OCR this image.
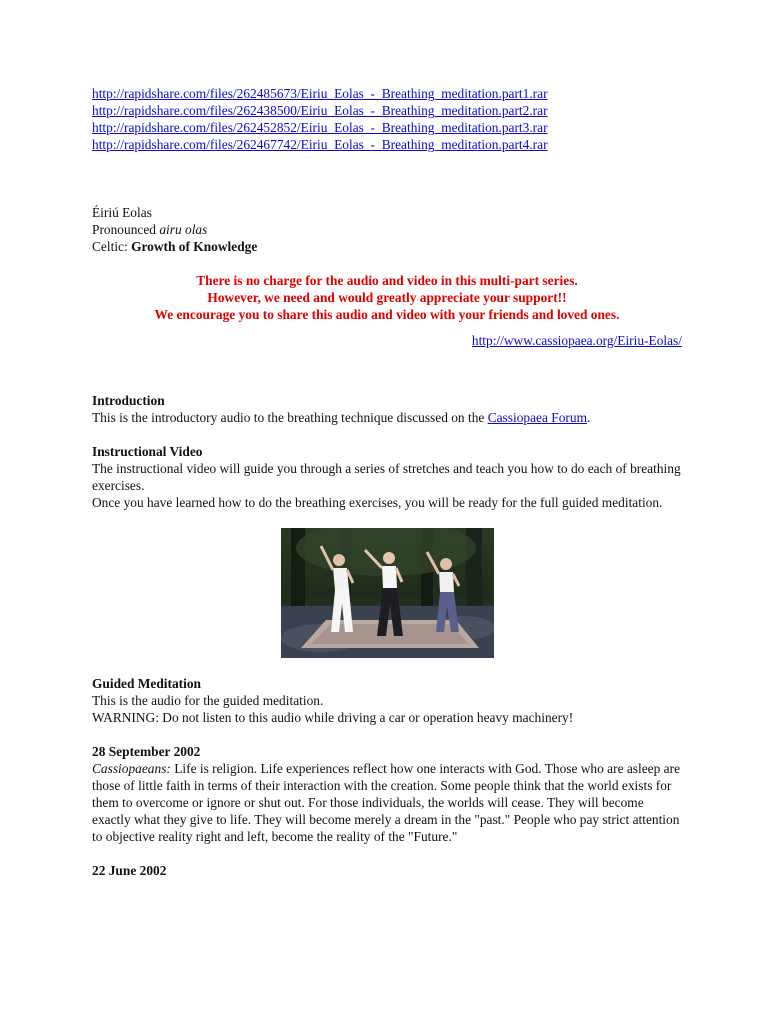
http://rapidshare.com/files/262485673/Eiriu_Eolas_-_Breathing_meditation.part1.rar
http://rapidshare.com/files/262438500/Eiriu_Eolas_-_Breathing_meditation.part2.rar
http://rapidshare.com/files/262452852/Eiriu_Eolas_-_Breathing_meditation.part3.rar
http://rapidshare.com/files/262467742/Eiriu_Eolas_-_Breathing_meditation.part4.rar

Éiriú Eolas

Pronounced airu olas

Celtic: Growth of Knowledge

There is no charge for the audio and video in this multi-part series.

However, we need and would greatly appreciate your support!!

We encourage you to share this audio and video with your friends and loved ones.

http://www.cassiopaea.org/Eiriu-Eolas/

Introduction

This is the introductory audio to the breathing technique discussed on the Cassiopaea Forum.

Instructional Video

The instructional video will guide you through a series of stretches and teach you how to do each of breathing exercises.

Once you have learned how to do the breathing exercises, you will be ready for the full guided meditation.

Guided Meditation

This is the audio for the guided meditation.

WARNING: Do not listen to this audio while driving a car or operation heavy machinery!

28 September 2002

Cassiopaeans: Life is religion. Life experiences reflect how one interacts with God. Those who are asleep are those of little faith in terms of their interaction with the creation. Some people think that the world exists for them to overcome or ignore or shut out. For those individuals, the worlds will cease. They will become exactly what they give to life. They will become merely a dream in the "past." People who pay strict attention to objective reality right and left, become the reality of the "Future."

22 June 2002
